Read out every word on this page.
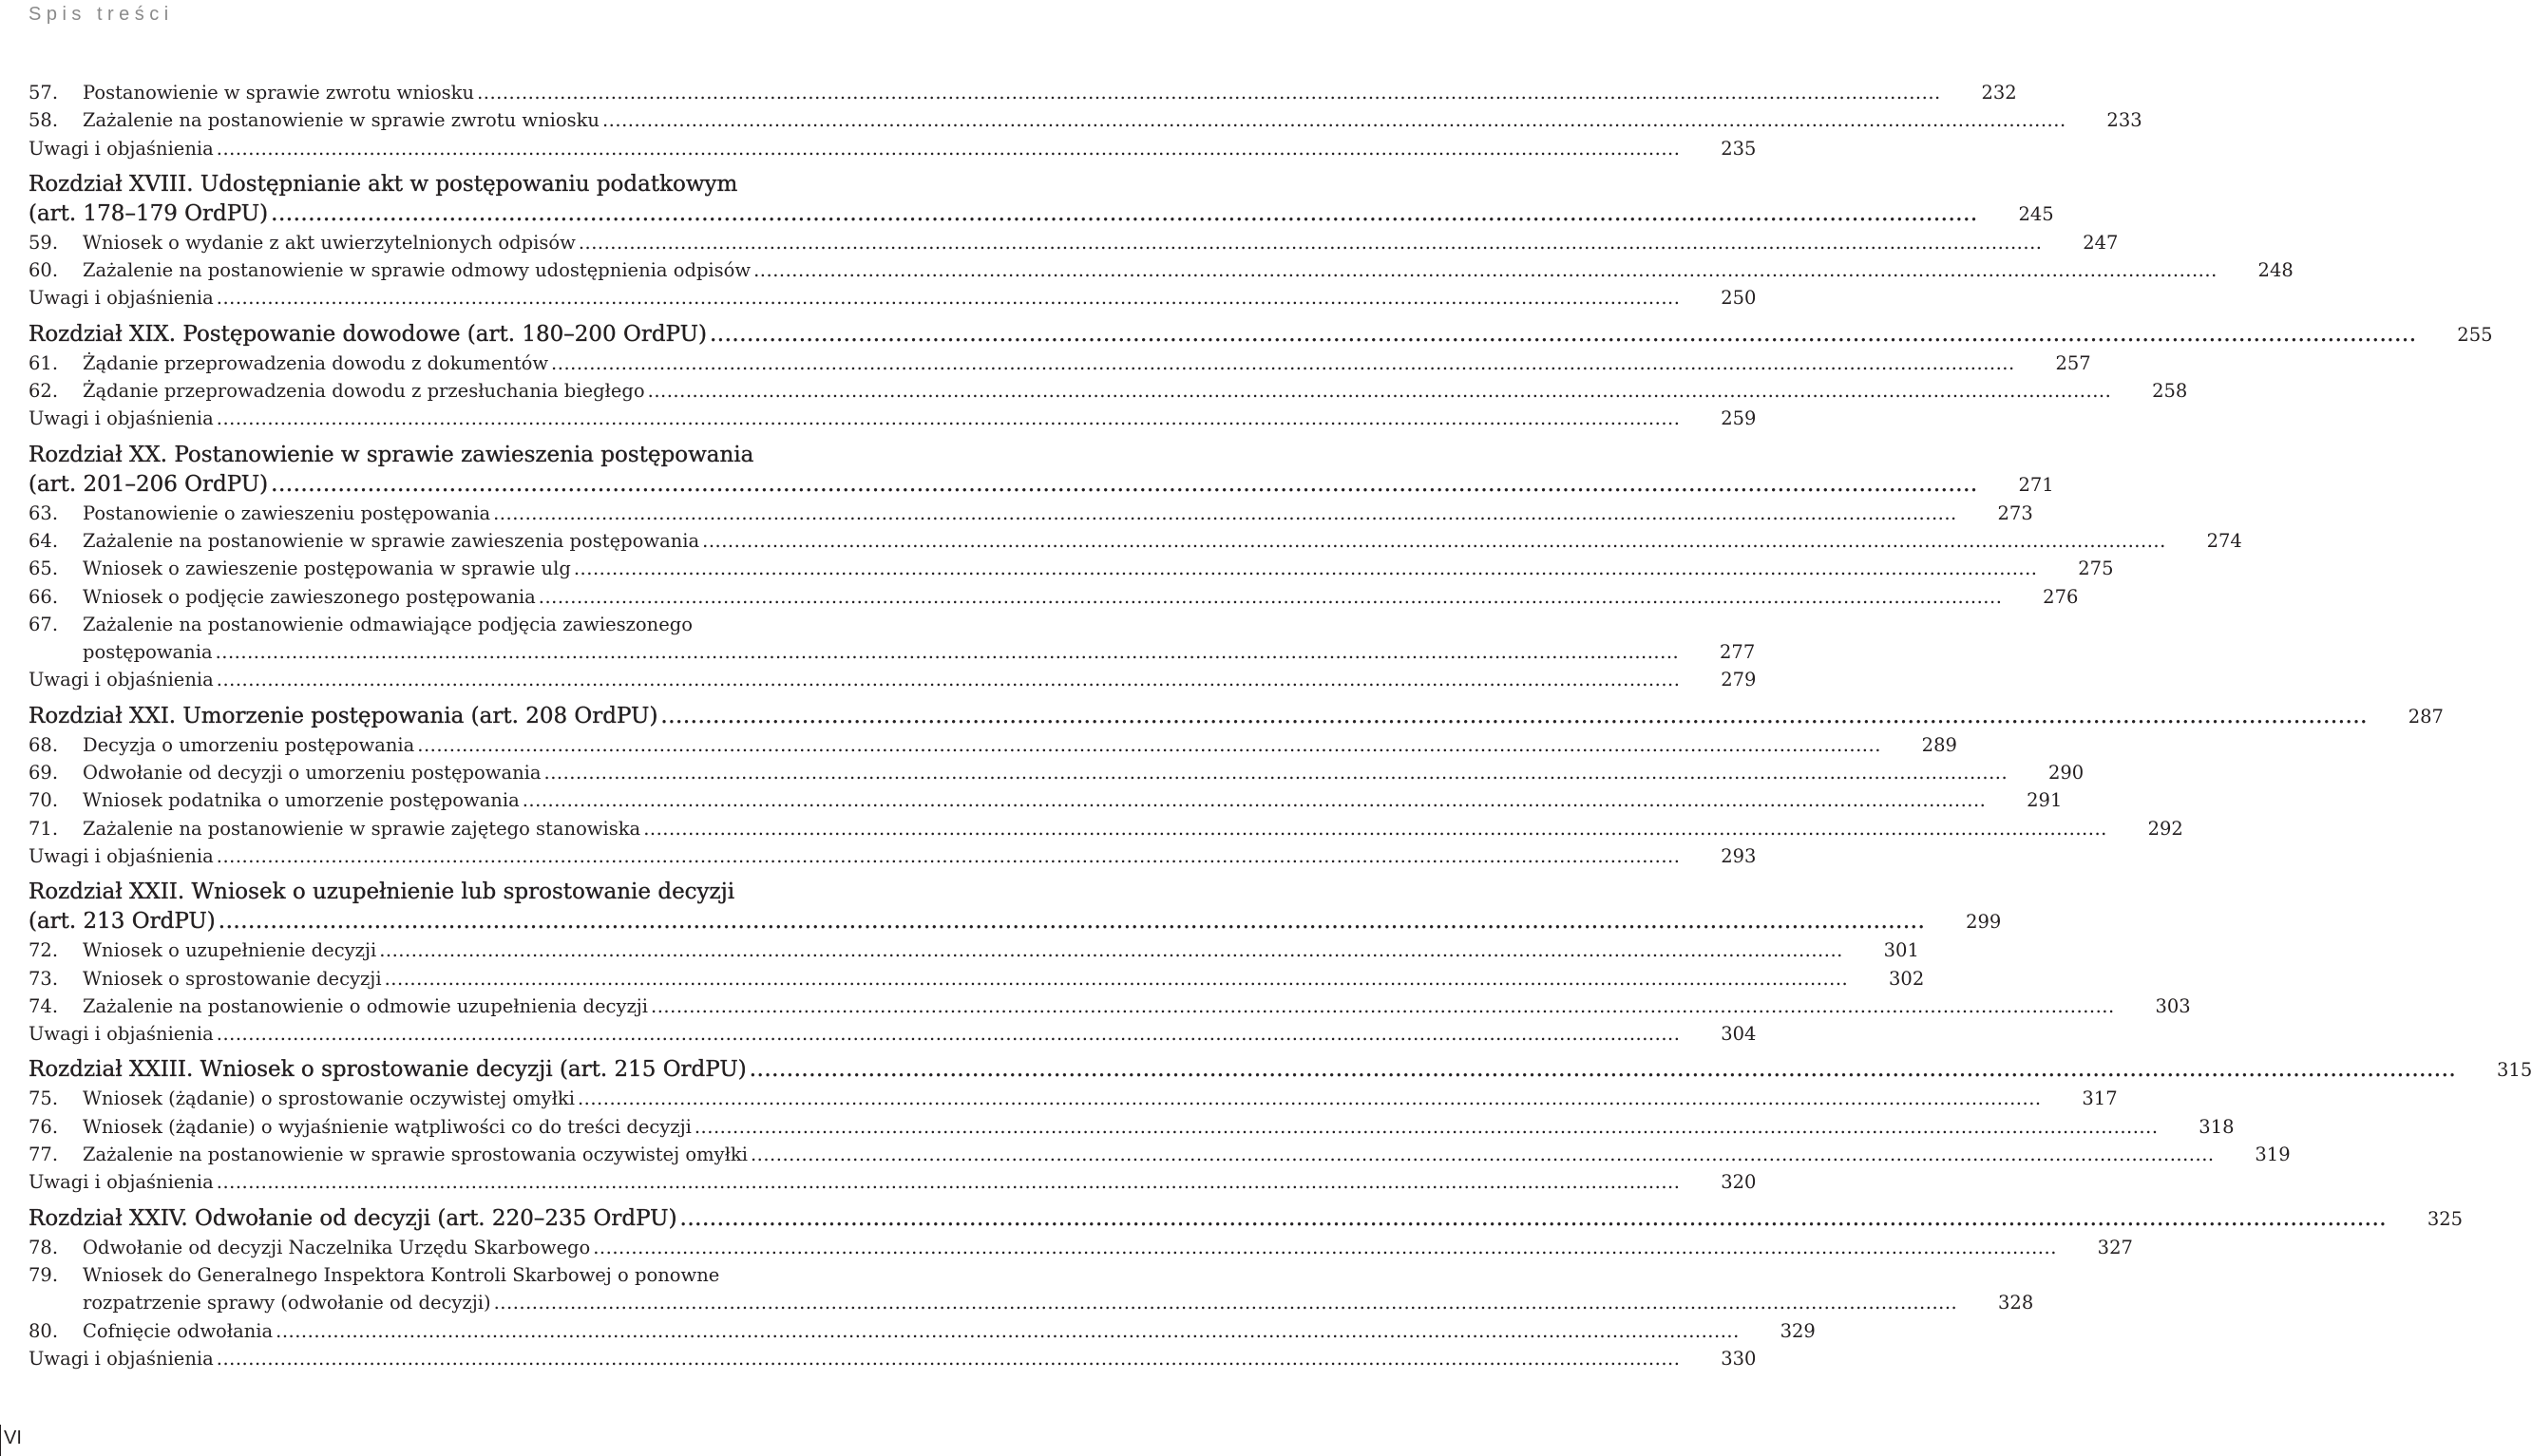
Spis treści
57.	Postanowienie w sprawie zwrotu wniosku .....	232
58.	Zażalenie na postanowienie w sprawie zwrotu wniosku .....	233
Uwagi i objaśnienia .....	235
Rozdział XVIII. Udostępnianie akt w postępowaniu podatkowym
(art. 178–179 OrdPU) .....	245
59.	Wniosek o wydanie z akt uwierzytelnionych odpisów .....	247
60.	Zażalenie na postanowienie w sprawie odmowy udostępnienia odpisów .....	248
Uwagi i objaśnienia .....	250
Rozdział XIX. Postępowanie dowodowe (art. 180–200 OrdPU) .....	255
61.	Żądanie przeprowadzenia dowodu z dokumentów .....	257
62.	Żądanie przeprowadzenia dowodu z przesłuchania biegłego .....	258
Uwagi i objaśnienia .....	259
Rozdział XX. Postanowienie w sprawie zawieszenia postępowania
(art. 201–206 OrdPU) .....	271
63.	Postanowienie o zawieszeniu postępowania .....	273
64.	Zażalenie na postanowienie w sprawie zawieszenia postępowania .....	274
65.	Wniosek o zawieszenie postępowania w sprawie ulg .....	275
66.	Wniosek o podjęcie zawieszonego postępowania .....	276
67.	Zażalenie na postanowienie odmawiające podjęcia zawieszonego
postępowania .....	277
Uwagi i objaśnienia .....	279
Rozdział XXI. Umorzenie postępowania (art. 208 OrdPU) .....	287
68.	Decyzja o umorzeniu postępowania .....	289
69.	Odwołanie od decyzji o umorzeniu postępowania .....	290
70.	Wniosek podatnika o umorzenie postępowania .....	291
71.	Zażalenie na postanowienie w sprawie zajętego stanowiska .....	292
Uwagi i objaśnienia .....	293
Rozdział XXII. Wniosek o uzupełnienie lub sprostowanie decyzji
(art. 213 OrdPU) .....	299
72.	Wniosek o uzupełnienie decyzji .....	301
73.	Wniosek o sprostowanie decyzji .....	302
74.	Zażalenie na postanowienie o odmowie uzupełnienia decyzji .....	303
Uwagi i objaśnienia .....	304
Rozdział XXIII. Wniosek o sprostowanie decyzji (art. 215 OrdPU) .....	315
75.	Wniosek (żądanie) o sprostowanie oczywistej omyłki .....	317
76.	Wniosek (żądanie) o wyjaśnienie wątpliwości co do treści decyzji .....	318
77.	Zażalenie na postanowienie w sprawie sprostowania oczywistej omyłki .....	319
Uwagi i objaśnienia .....	320
Rozdział XXIV. Odwołanie od decyzji (art. 220–235 OrdPU) .....	325
78.	Odwołanie od decyzji Naczelnika Urzędu Skarbowego .....	327
79.	Wniosek do Generalnego Inspektora Kontroli Skarbowej o ponowne
rozpatrzenie sprawy (odwołanie od decyzji) .....	328
80.	Cofnięcie odwołania .....	329
Uwagi i objaśnienia .....	330
VI
